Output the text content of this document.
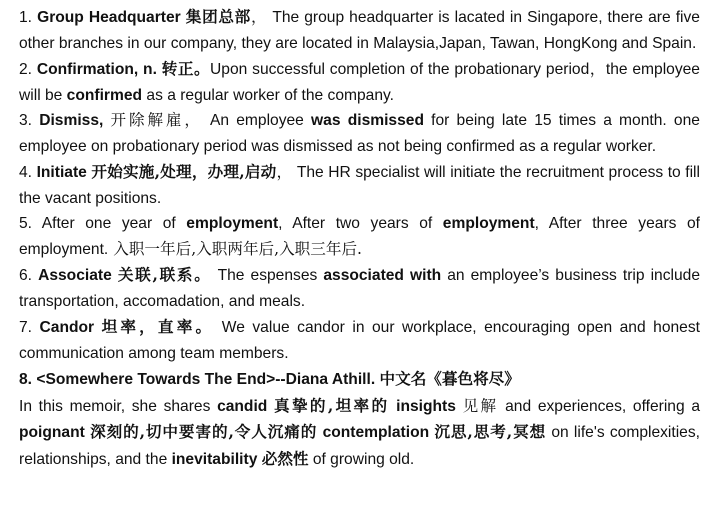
1. Group Headquarter 集团总部， The group headquarter is lacated in Singapore, there are five other branches in our company, they are located in Malaysia,Japan, Tawan, HongKong and Spain.

2. Confirmation, n. 转正。Upon successful completion of the probationary period，the employee will be confirmed as a regular worker of the company.

3. Dismiss, 开除解雇， An employee was dismissed for being late 15 times a month. one employee on probationary period was dismissed as not being confirmed as a regular worker.

4. Initiate 开始实施,处理，办理,启动， The HR specialist will initiate the recruitment process to fill the vacant positions.

5. After one year of employment, After two years of employment, After three years of employment. 入职一年后,入职两年后,入职三年后.

6. Associate 关联,联系。 The espenses associated with an employee’s business trip include transportation, accomadation, and meals.

7. Candor 坦率，直率。 We value candor in our workplace, encouraging open and honest communication among team members.

8. <Somewhere Towards The End>--Diana Athill. 中文名《暮色将尽》

In this memoir, she shares candid 真挚的,坦率的 insights 见解 and experiences, offering a poignant 深刻的,切中要害的,令人沉痛的 contemplation 沉思,思考,冥想 on life's complexities, relationships, and the inevitability 必然性 of growing old.
